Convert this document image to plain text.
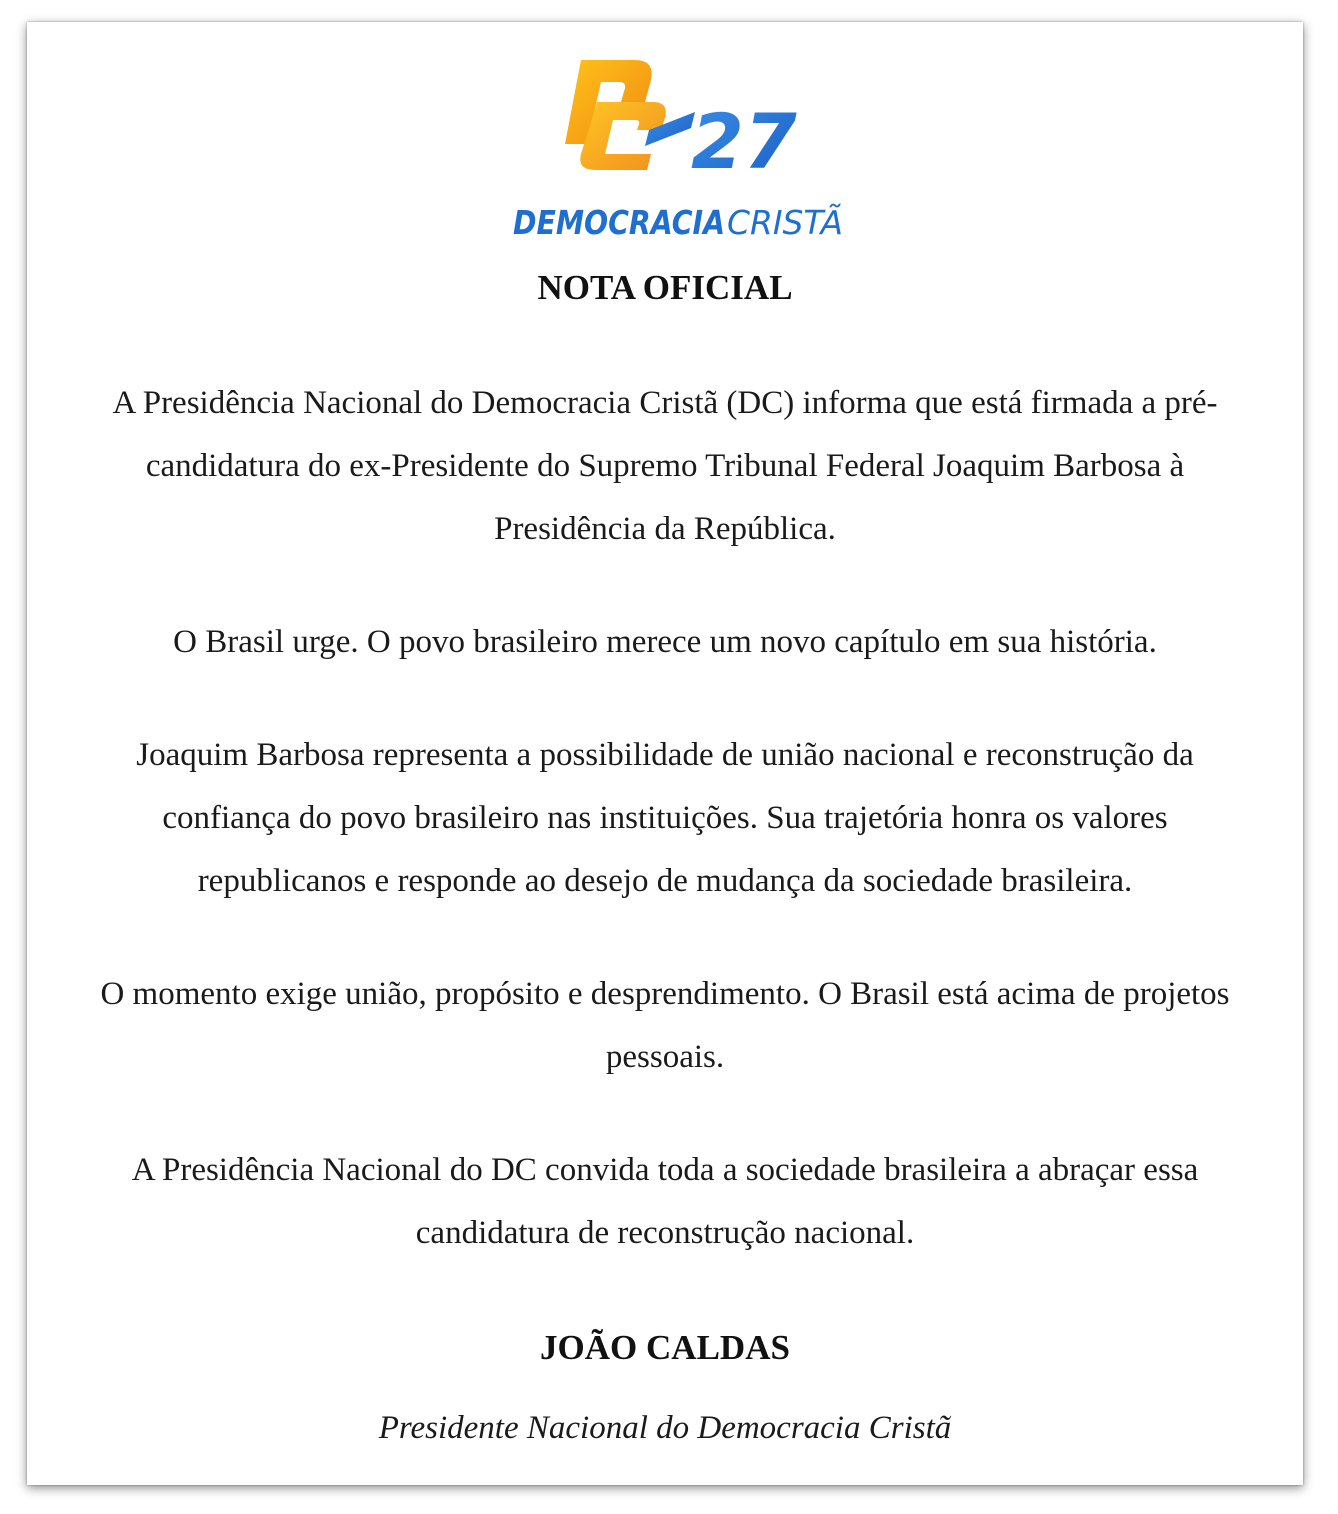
27
DEMOCRACIA CRISTÃ
NOTA OFICIAL

A Presidência Nacional do Democracia Cristã (DC) informa que está firmada a pré-candidatura do ex-Presidente do Supremo Tribunal Federal Joaquim Barbosa à Presidência da República.

O Brasil urge. O povo brasileiro merece um novo capítulo em sua história.

Joaquim Barbosa representa a possibilidade de união nacional e reconstrução da confiança do povo brasileiro nas instituições. Sua trajetória honra os valores republicanos e responde ao desejo de mudança da sociedade brasileira.

O momento exige união, propósito e desprendimento. O Brasil está acima de projetos pessoais.

A Presidência Nacional do DC convida toda a sociedade brasileira a abraçar essa candidatura de reconstrução nacional.

JOÃO CALDAS

Presidente Nacional do Democracia Cristã
